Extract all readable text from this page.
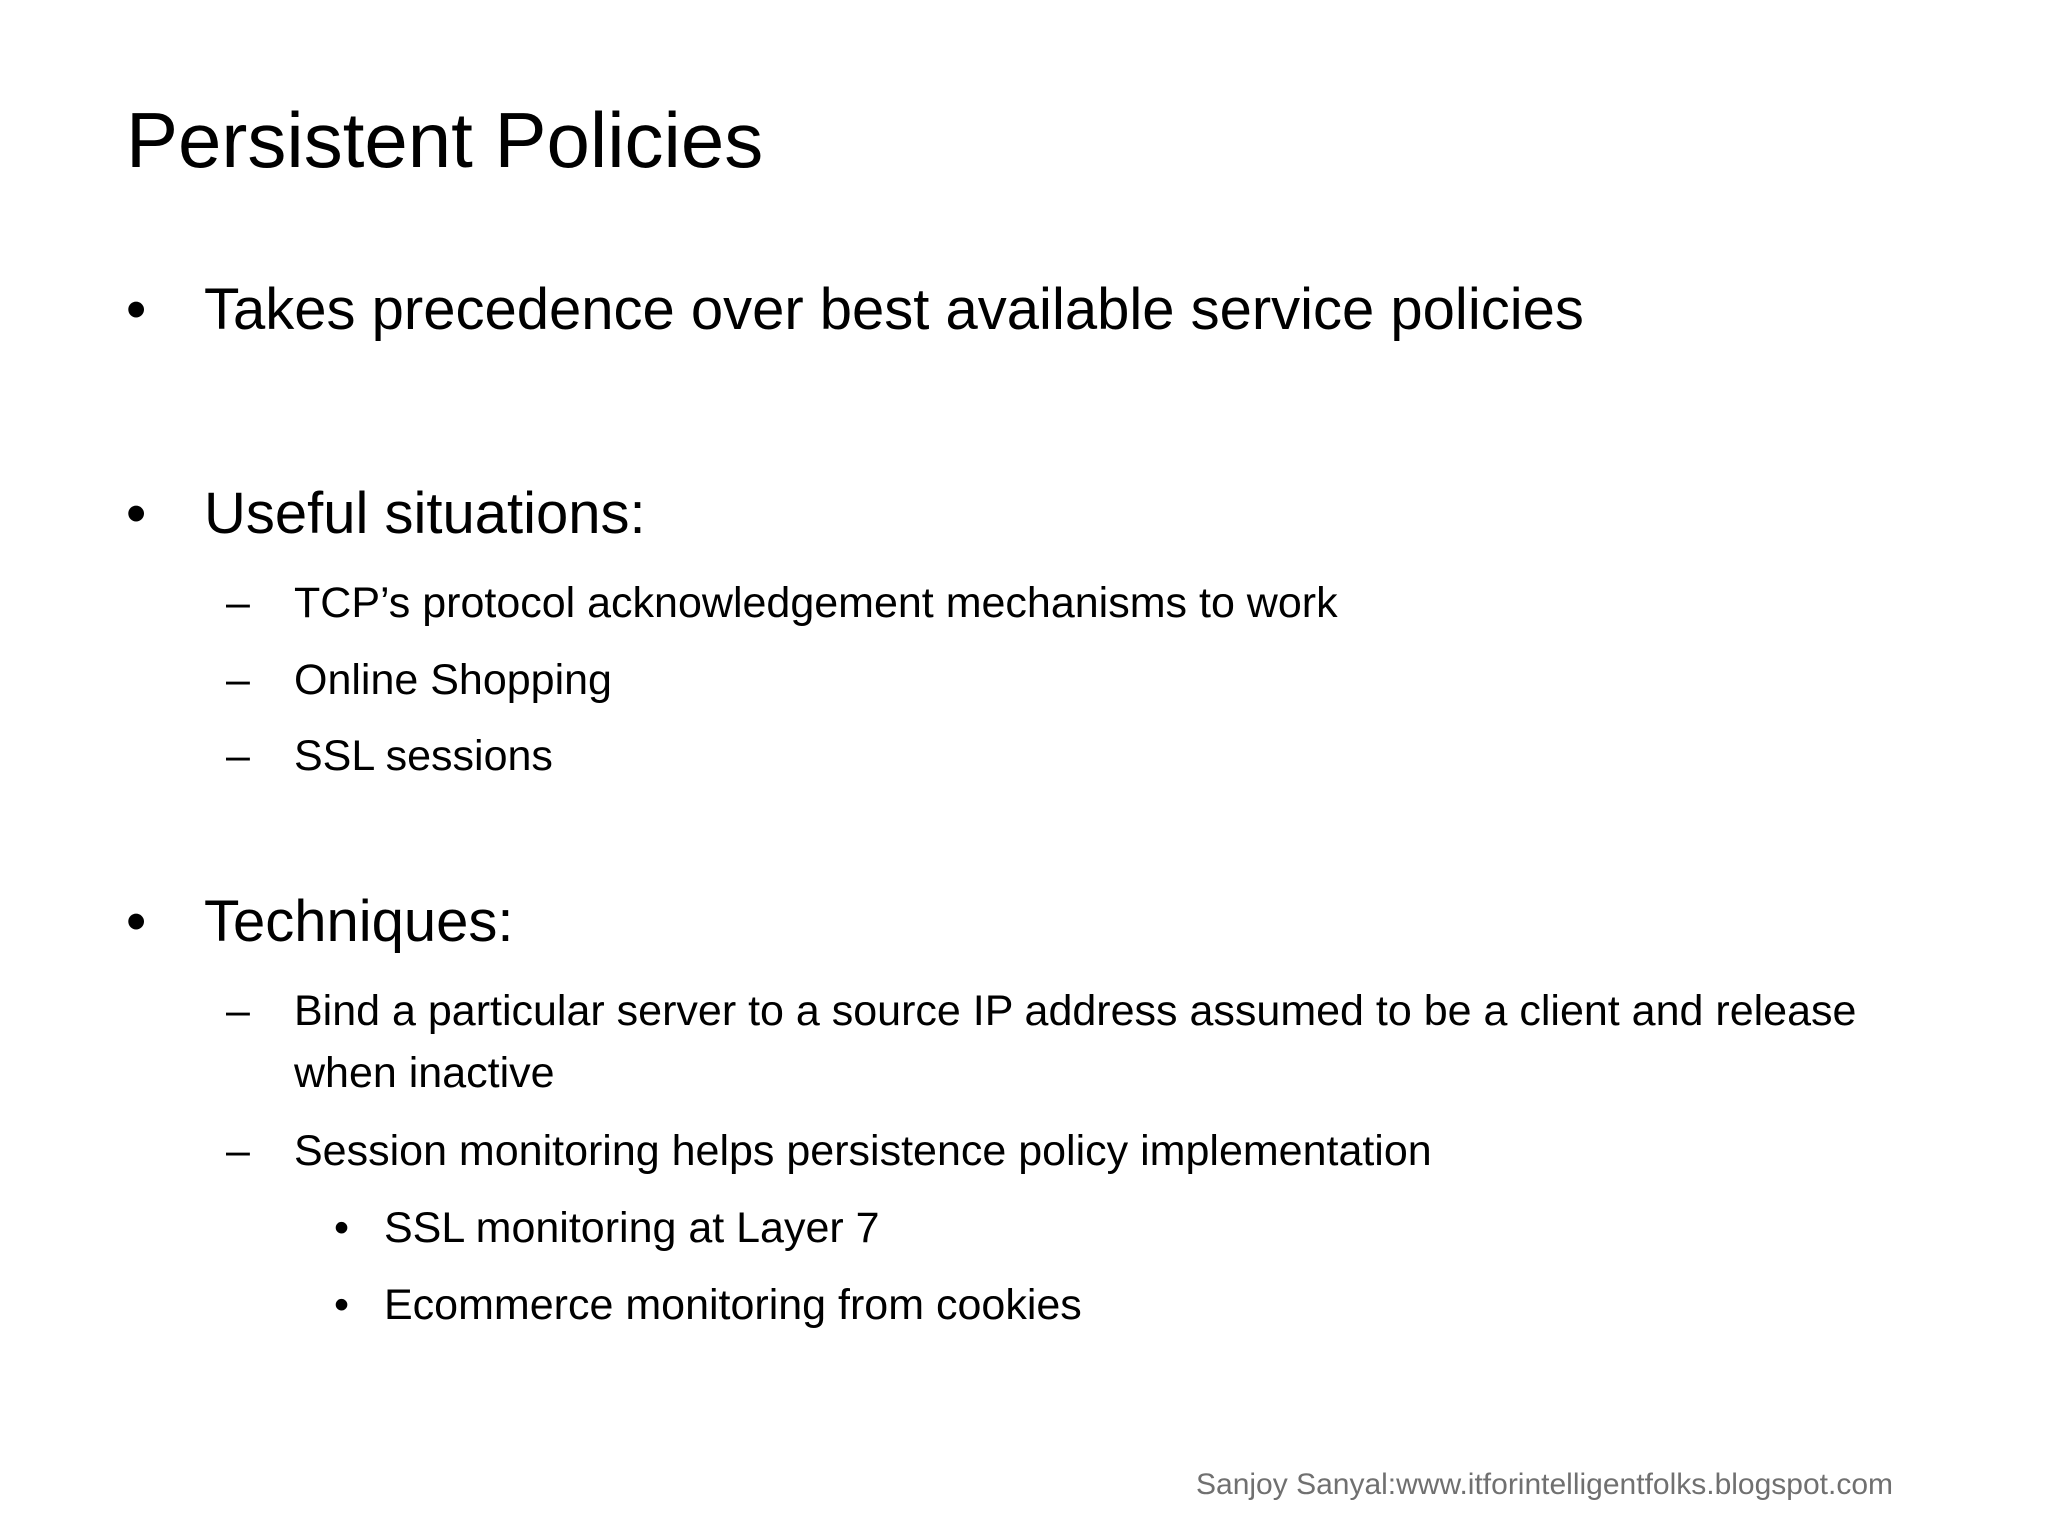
Persistent Policies
• Takes precedence over best available service policies
• Useful situations:
–	TCP’s protocol acknowledgement mechanisms to work
–	Online Shopping
–	SSL sessions
• Techniques:
–	Bind a particular server to a source IP address assumed to be a client and release when inactive
–	Session monitoring helps persistence policy implementation
• SSL monitoring at Layer 7
• Ecommerce monitoring from cookies
Sanjoy Sanyal:www.itforintelligentfolks.blogspot.com
